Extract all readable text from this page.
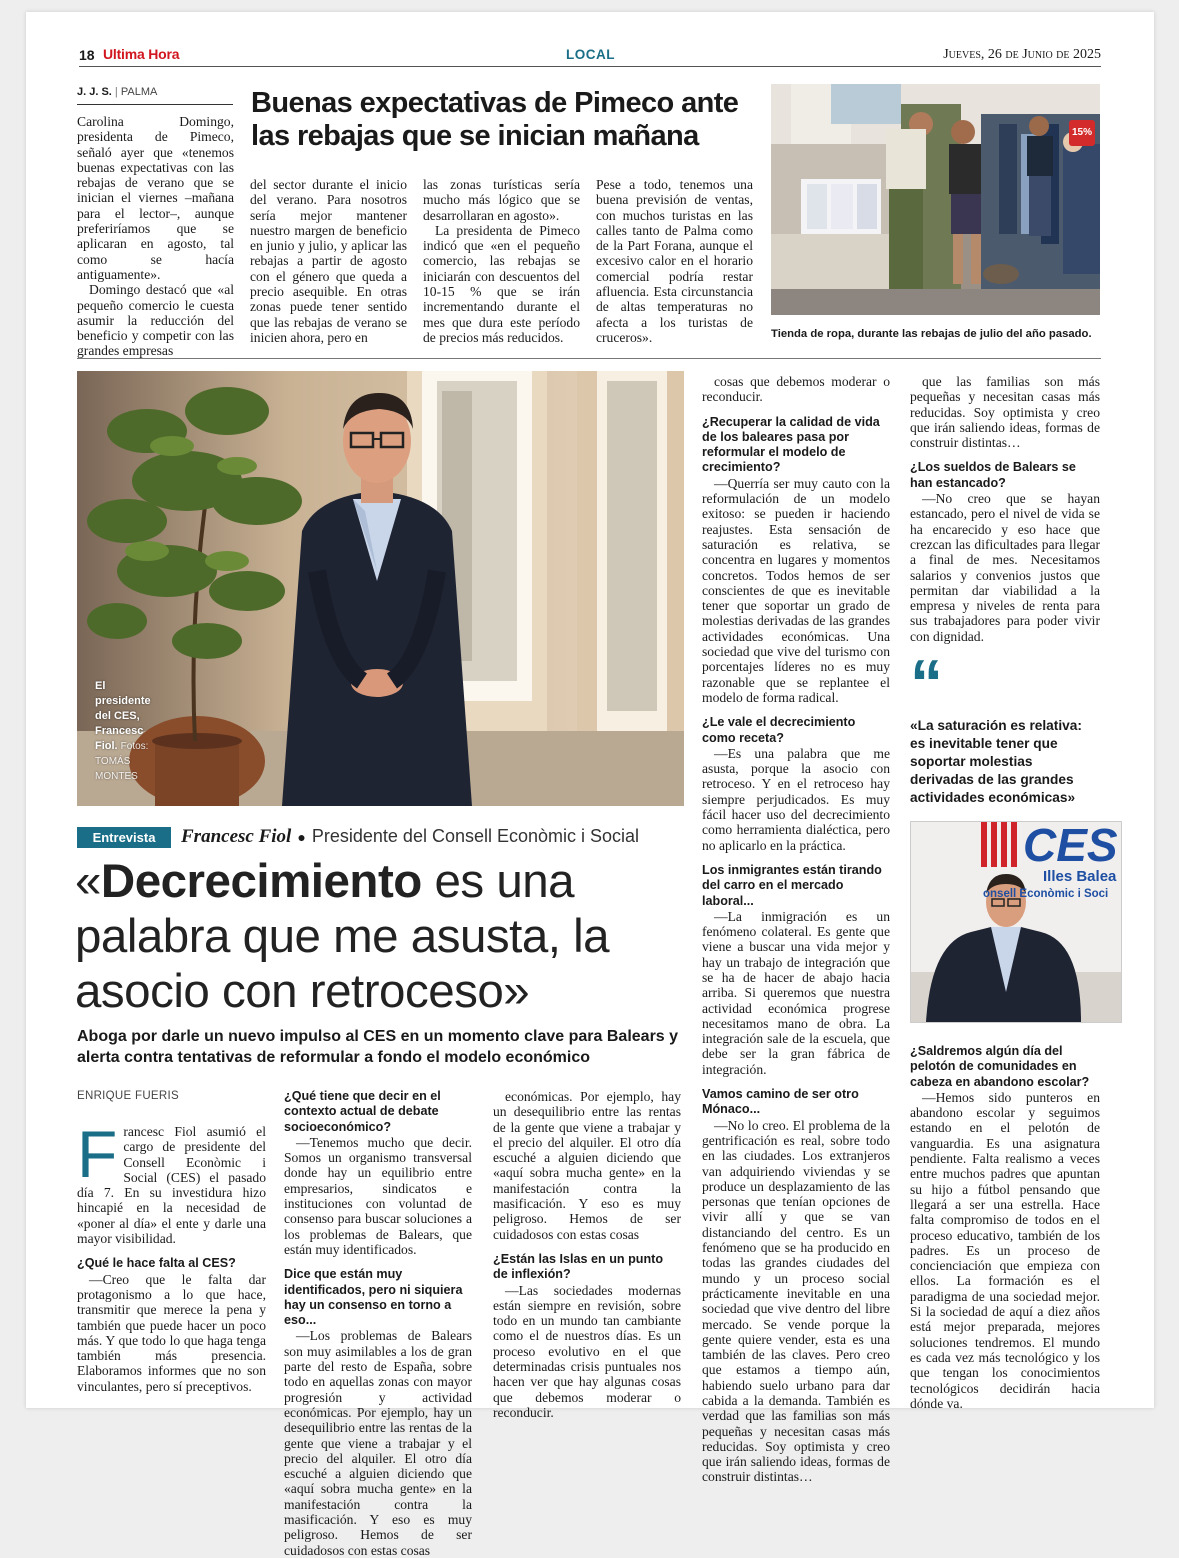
18 Ultima Hora	LOCAL	Jueves, 26 de Junio de 2025
J. J. S. | PALMA	Buenas expectativas de Pimeco ante las rebajas que se inician mañana

Carolina Domingo, presidenta de Pimeco, señaló ayer que «tenemos buenas expectativas con las rebajas de verano que se inician el viernes –mañana para el lector–, aunque preferiríamos que se aplicaran en agosto, tal como se hacía antiguamente».

Domingo destacó que «al pequeño comercio le cuesta asumir la reducción del beneficio y competir con las grandes empresas

del sector durante el inicio del verano. Para nosotros sería mejor mantener nuestro margen de beneficio en junio y julio, y aplicar las rebajas a partir de agosto con el género que queda a precio asequible. En otras zonas puede tener sentido que las rebajas de verano se inicien ahora, pero en

las zonas turísticas sería mucho más lógico que se desarrollaran en agosto».

La presidenta de Pimeco indicó que «en el pequeño comercio, las rebajas se iniciarán con descuentos del 10-15 % que se irán incrementando durante el mes que dura este período de precios más reducidos.

Pese a todo, tenemos una buena previsión de ventas, con muchos turistas en las calles tanto de Palma como de la Part Forana, aunque el excesivo calor en el horario comercial podría restar afluencia. Esta circunstancia de altas temperaturas no afecta a los turistas de cruceros».

15%
Tienda de ropa, durante las rebajas de julio del año pasado.
El presidente del CES, Francesc Fiol. Fotos: TOMÁS MONTES
Entrevista	Francesc Fiol ● Presidente del Consell Econòmic i Social
«Decrecimiento es una palabra que me asusta, la asocio con retroceso»
Aboga por darle un nuevo impulso al CES en un momento clave para Balears y alerta contra tentativas de reformular a fondo el modelo económico
ENRIQUE FUERIS
F rancesc Fiol asumió el cargo de presidente del Consell Econòmic i Social (CES) el pasado día 7. En su investidura hizo hincapié en la necesidad de «poner al día» el ente y darle una mayor visibilidad.

¿Qué le hace falta al CES?

—Creo que le falta dar protagonismo a lo que hace, transmitir que merece la pena y también que puede hacer un poco más. Y que todo lo que haga tenga también más presencia. Elaboramos informes que no son vinculantes, pero sí preceptivos.

¿Qué tiene que decir en el contexto actual de debate socioeconómico?

—Tenemos mucho que decir. Somos un organismo transversal donde hay un equilibrio entre empresarios, sindicatos e instituciones con voluntad de consenso para buscar soluciones a los problemas de Balears, que están muy identificados.

Dice que están muy identificados, pero ni siquiera hay un consenso en torno a eso...

—Los problemas de Balears son muy asimilables a los de gran parte del resto de España, sobre todo en aquellas zonas con mayor progresión y actividad económicas. Por ejemplo, hay un desequilibrio entre las rentas de la gente que viene a trabajar y el precio del alquiler. El otro día escuché a alguien diciendo que «aquí sobra mucha gente» en la manifestación contra la masificación. Y eso es muy peligroso. Hemos de ser cuidadosos con estas cosas

económicas. Por ejemplo, hay un desequilibrio entre las rentas de la gente que viene a trabajar y el precio del alquiler. El otro día escuché a alguien diciendo que «aquí sobra mucha gente» en la manifestación contra la masificación. Y eso es muy peligroso. Hemos de ser cuidadosos con estas cosas

¿Están las Islas en un punto de inflexión?

—Las sociedades modernas están siempre en revisión, sobre todo en un mundo tan cambiante como el de nuestros días. Es un proceso evolutivo en el que determinadas crisis puntuales nos hacen ver que hay algunas cosas que debemos moderar o reconducir.

cosas que debemos moderar o reconducir.

¿Recuperar la calidad de vida de los baleares pasa por reformular el modelo de crecimiento?

—Querría ser muy cauto con la reformulación de un modelo exitoso: se pueden ir haciendo reajustes. Esta sensación de saturación es relativa, se concentra en lugares y momentos concretos. Todos hemos de ser conscientes de que es inevitable tener que soportar un grado de molestias derivadas de las grandes actividades económicas. Una sociedad que vive del turismo con porcentajes líderes no es muy razonable que se replantee el modelo de forma radical.

¿Le vale el decrecimiento como receta?

—Es una palabra que me asusta, porque la asocio con retroceso. Y en el retroceso hay siempre perjudicados. Es muy fácil hacer uso del decrecimiento como herramienta dialéctica, pero no aplicarlo en la práctica.

Los inmigrantes están tirando del carro en el mercado laboral...

—La inmigración es un fenómeno colateral. Es gente que viene a buscar una vida mejor y hay un trabajo de integración que se ha de hacer de abajo hacia arriba. Si queremos que nuestra actividad económica progrese necesitamos mano de obra. La integración sale de la escuela, que debe ser la gran fábrica de integración.

Vamos camino de ser otro Mónaco...

—No lo creo. El problema de la gentrificación es real, sobre todo en las ciudades. Los extranjeros van adquiriendo viviendas y se produce un desplazamiento de las personas que tenían opciones de vivir allí y que se van distanciando del centro. Es un fenómeno que se ha producido en todas las grandes ciudades del mundo y un proceso social prácticamente inevitable en una sociedad que vive dentro del libre mercado. Se vende porque la gente quiere vender, esta es una también de las claves. Pero creo que estamos a tiempo aún, habiendo suelo urbano para dar cabida a la demanda. También es verdad que las familias son más pequeñas y necesitan casas más reducidas. Soy optimista y creo que irán saliendo ideas, formas de construir distintas…

que las familias son más pequeñas y necesitan casas más reducidas. Soy optimista y creo que irán saliendo ideas, formas de construir distintas…

¿Los sueldos de Balears se han estancado?

—No creo que se hayan estancado, pero el nivel de vida se ha encarecido y eso hace que crezcan las dificultades para llegar a final de mes. Necesitamos salarios y convenios justos que permitan dar viabilidad a la empresa y niveles de renta para sus trabajadores para poder vivir con dignidad.

“
«La saturación es relativa: es inevitable tener que soportar molestias derivadas de las grandes actividades económicas»
CES
Illes Balea
onsell Econòmic i Soci
¿Saldremos algún día del pelotón de comunidades en cabeza en abandono escolar?

—Hemos sido punteros en abandono escolar y seguimos estando en el pelotón de vanguardia. Es una asignatura pendiente. Falta realismo a veces entre muchos padres que apuntan su hijo a fútbol pensando que llegará a ser una estrella. Hace falta compromiso de todos en el proceso educativo, también de los padres. Es un proceso de concienciación que empieza con ellos. La formación es el paradigma de una sociedad mejor. Si la sociedad de aquí a diez años está mejor preparada, mejores soluciones tendremos. El mundo es cada vez más tecnológico y los que tengan los conocimientos tecnológicos decidirán hacia dónde va.
